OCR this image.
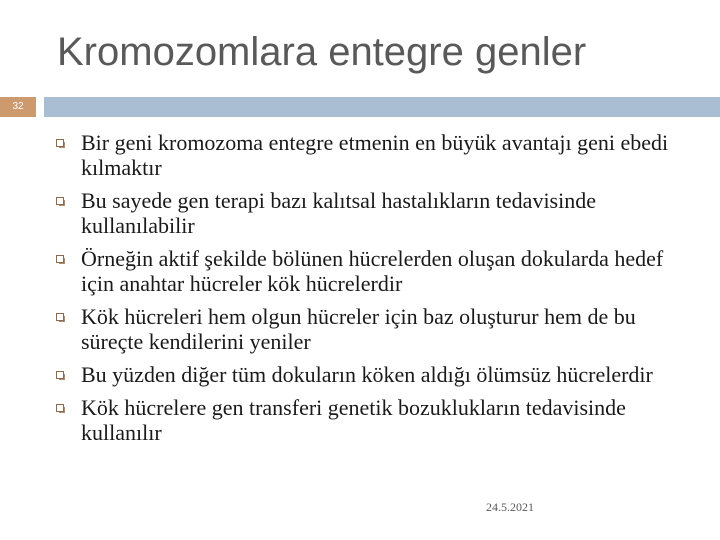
Kromozomlara entegre genler
32
Bir geni kromozoma entegre etmenin en büyük avantajı geni ebedi kılmaktır
Bu sayede gen terapi bazı kalıtsal hastalıkların tedavisinde kullanılabilir
Örneğin aktif şekilde bölünen hücrelerden oluşan dokularda hedef için anahtar hücreler kök hücrelerdir
Kök hücreleri hem olgun hücreler için baz oluşturur hem de bu süreçte kendilerini yeniler
Bu yüzden diğer tüm dokuların köken aldığı ölümsüz hücrelerdir
Kök hücrelere gen transferi genetik bozuklukların tedavisinde kullanılır
24.5.2021
